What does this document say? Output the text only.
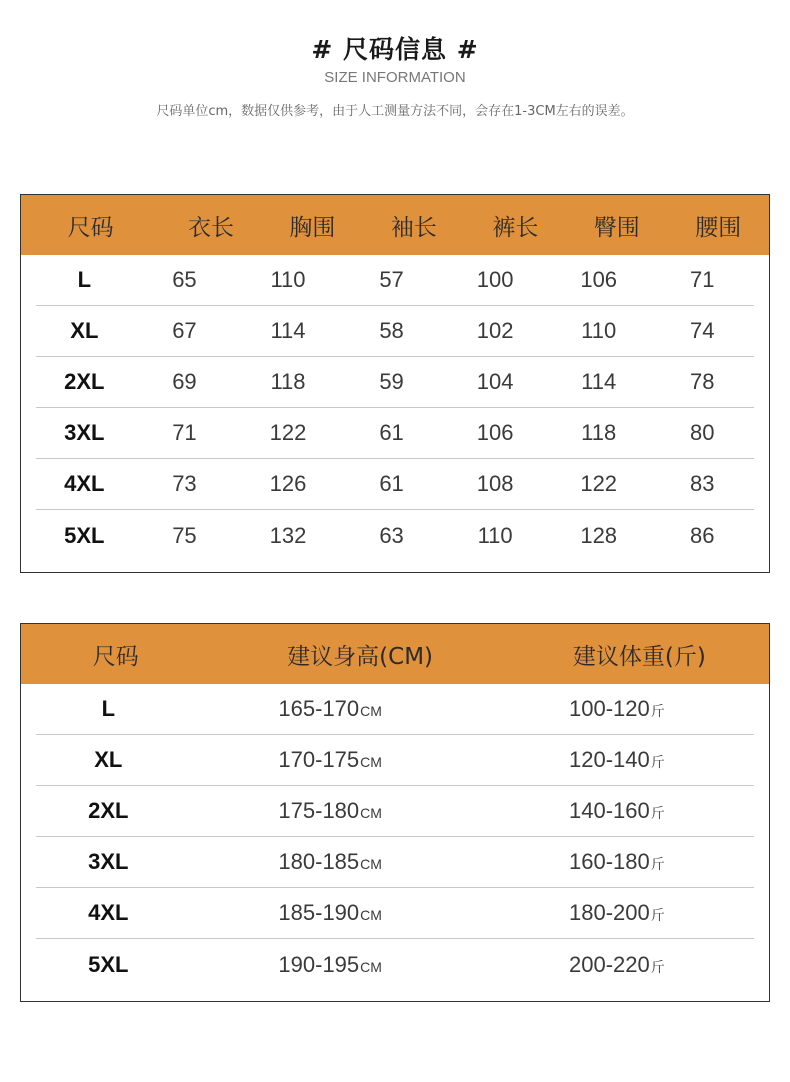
# 尺码信息 #
SIZE INFORMATION
尺码单位cm，数据仅供参考，由于人工测量方法不同，会存在1-3CM左右的误差。
尺码	衣长	胸围	袖长	裤长	臀围	腰围
L	65	110	57	100	106	71
XL	67	114	58	102	110	74
2XL	69	118	59	104	114	78
3XL	71	122	61	106	118	80
4XL	73	126	61	108	122	83
5XL	75	132	63	110	128	86
尺码	建议身高(CM)	建议体重(斤)
L	165-170CM	100-120斤
XL	170-175CM	120-140斤
2XL	175-180CM	140-160斤
3XL	180-185CM	160-180斤
4XL	185-190CM	180-200斤
5XL	190-195CM	200-220斤
